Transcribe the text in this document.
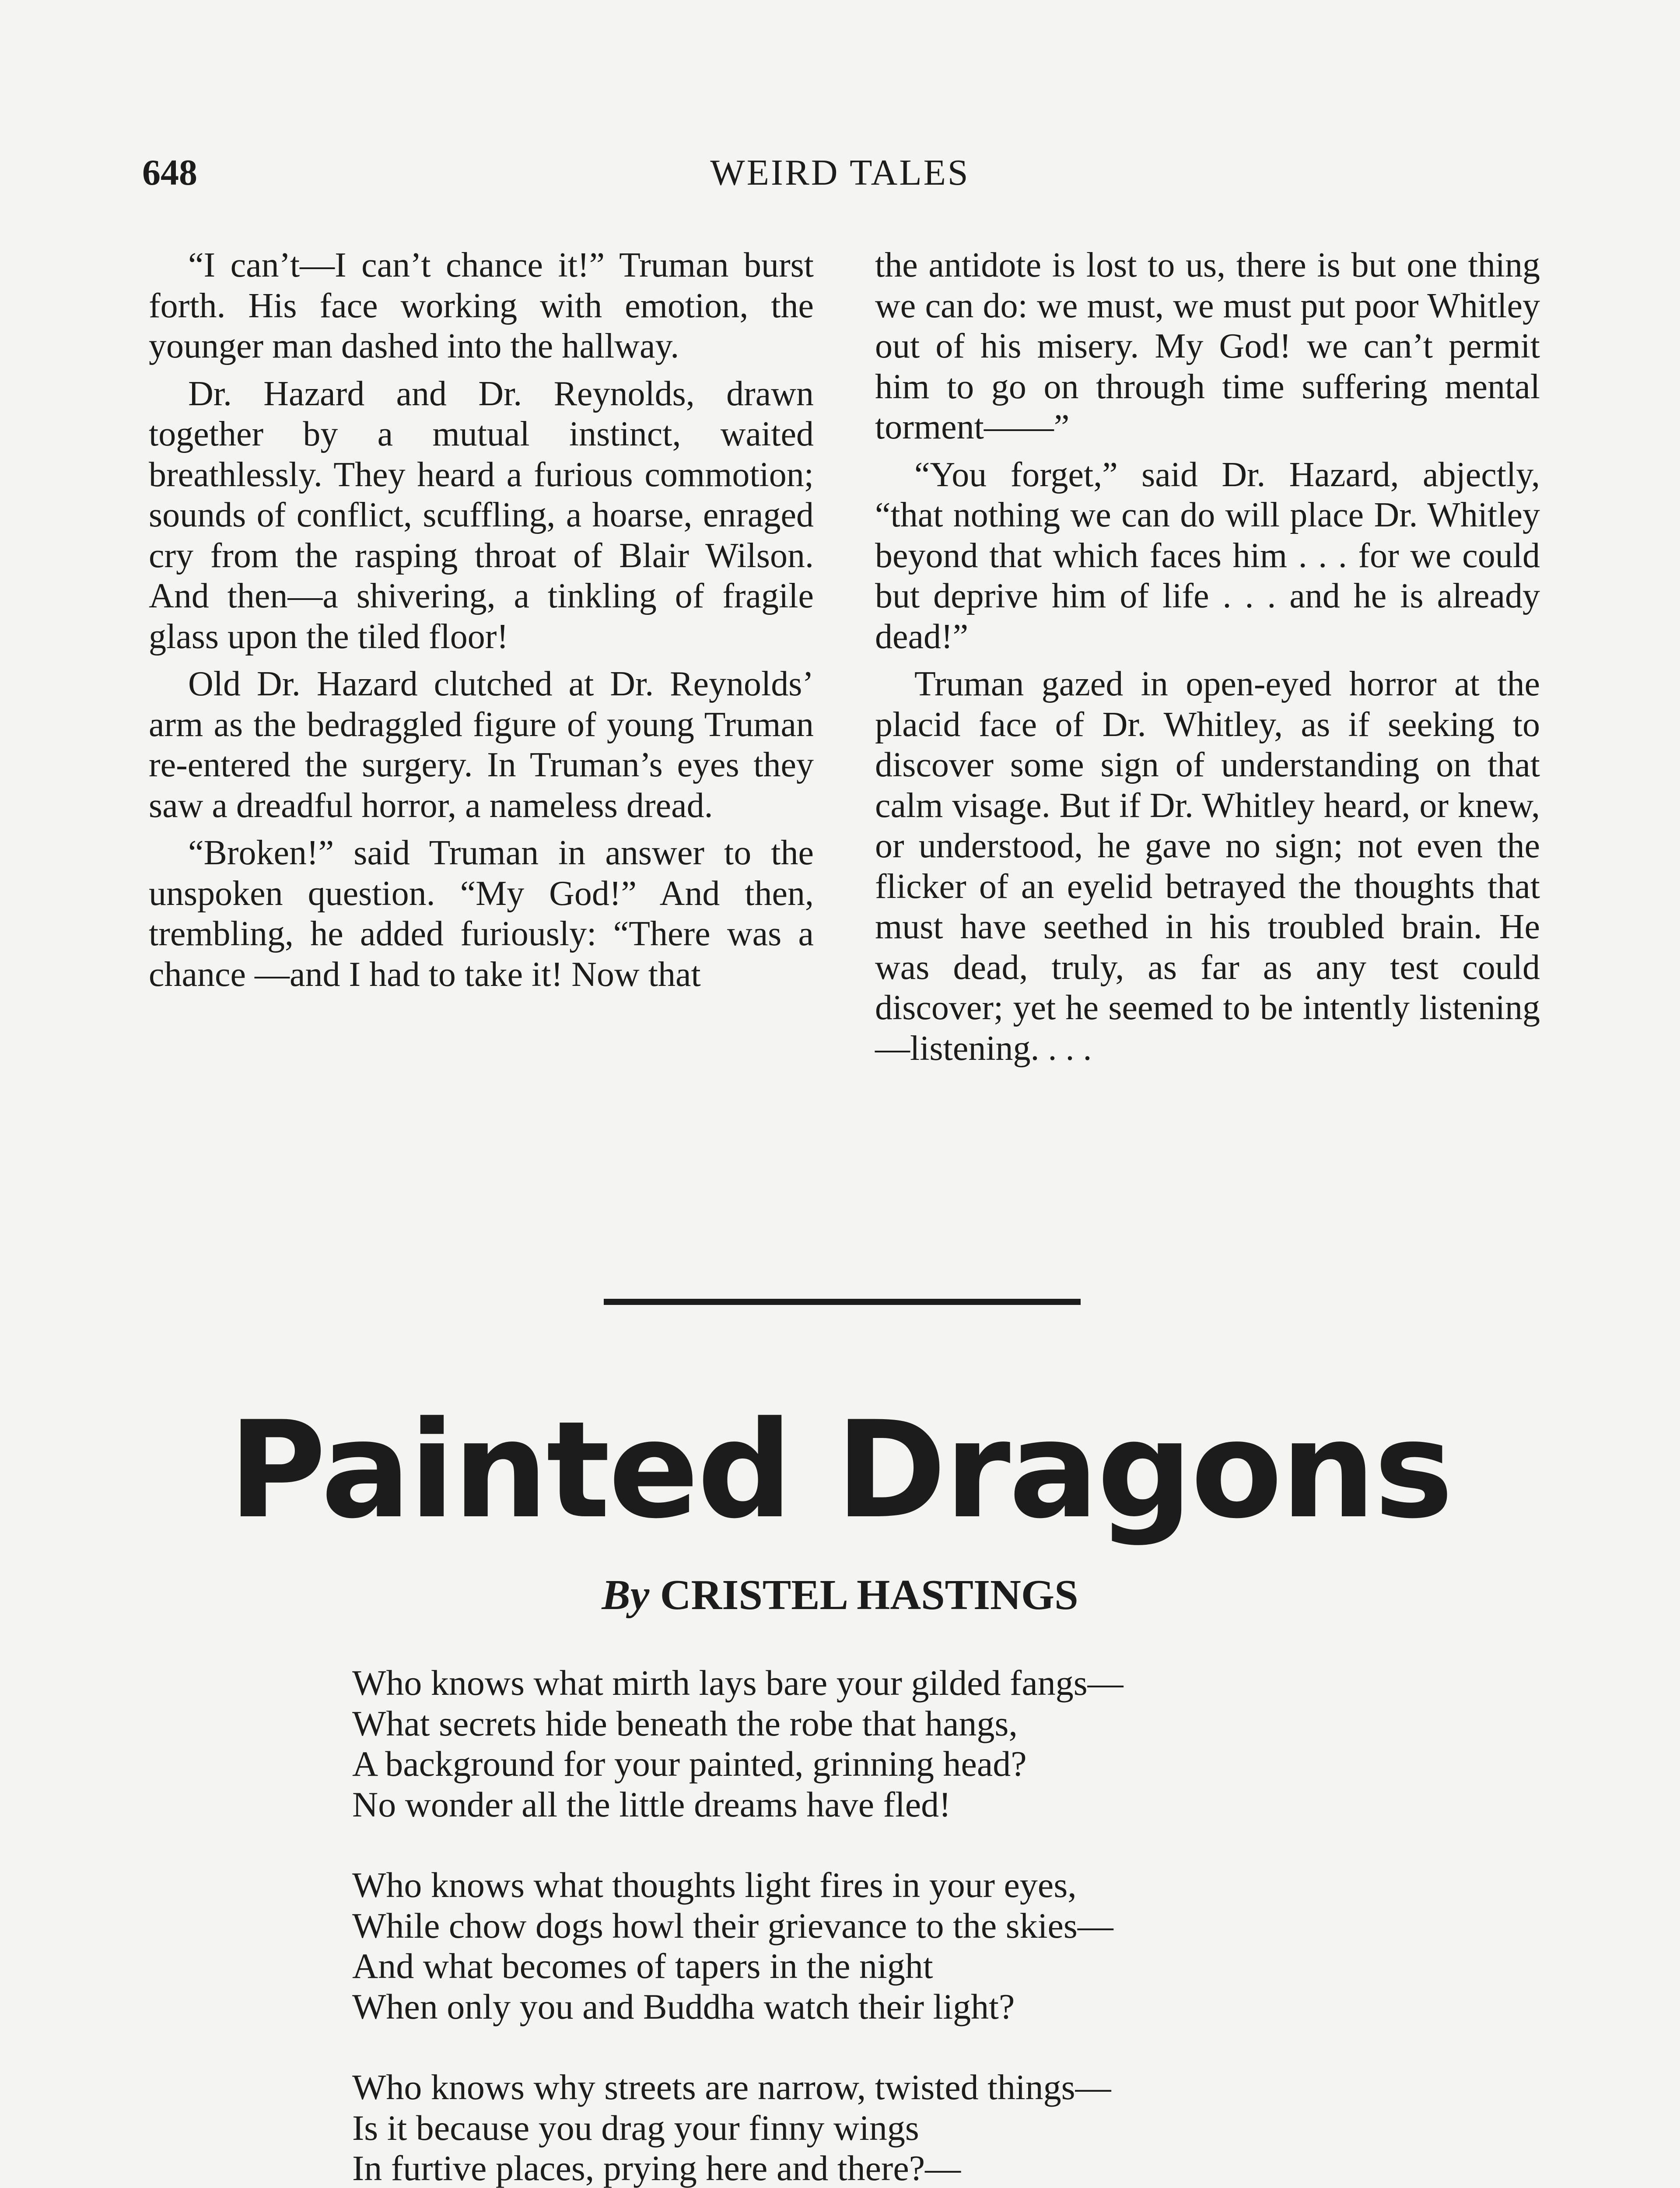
648	WEIRD TALES

“I can’t—I can’t chance it!” Truman burst forth. His face working with emotion, the younger man dashed into the hallway.

Dr. Hazard and Dr. Reynolds, drawn together by a mutual instinct, waited breathlessly. They heard a furious commotion; sounds of conflict, scuffling, a hoarse, enraged cry from the rasping throat of Blair Wilson. And then—a shivering, a tinkling of fragile glass upon the tiled floor!

Old Dr. Hazard clutched at Dr. Reynolds’ arm as the bedraggled figure of young Truman re-entered the surgery. In Truman’s eyes they saw a dreadful horror, a nameless dread.

“Broken!” said Truman in answer to the unspoken question. “My God!” And then, trembling, he added furiously: “There was a chance —and I had to take it! Now that

the antidote is lost to us, there is but one thing we can do: we must, we must put poor Whitley out of his misery. My God! we can’t permit him to go on through time suffering mental torment——”

“You forget,” said Dr. Hazard, abjectly, “that nothing we can do will place Dr. Whitley beyond that which faces him . . . for we could but deprive him of life . . . and he is already dead!”

Truman gazed in open-eyed horror at the placid face of Dr. Whitley, as if seeking to discover some sign of understanding on that calm visage. But if Dr. Whitley heard, or knew, or understood, he gave no sign; not even the flicker of an eyelid betrayed the thoughts that must have seethed in his troubled brain. He was dead, truly, as far as any test could discover; yet he seemed to be intently listening—listening. . . .

Painted Dragons
By CRISTEL HASTINGS
Who knows what mirth lays bare your gilded fangs—
What secrets hide beneath the robe that hangs,
A background for your painted, grinning head?
No wonder all the little dreams have fled!
Who knows what thoughts light fires in your eyes,
While chow dogs howl their grievance to the skies—
And what becomes of tapers in the night
When only you and Buddha watch their light?
Who knows why streets are narrow, twisted things—
Is it because you drag your finny wings
In furtive places, prying here and there?—
